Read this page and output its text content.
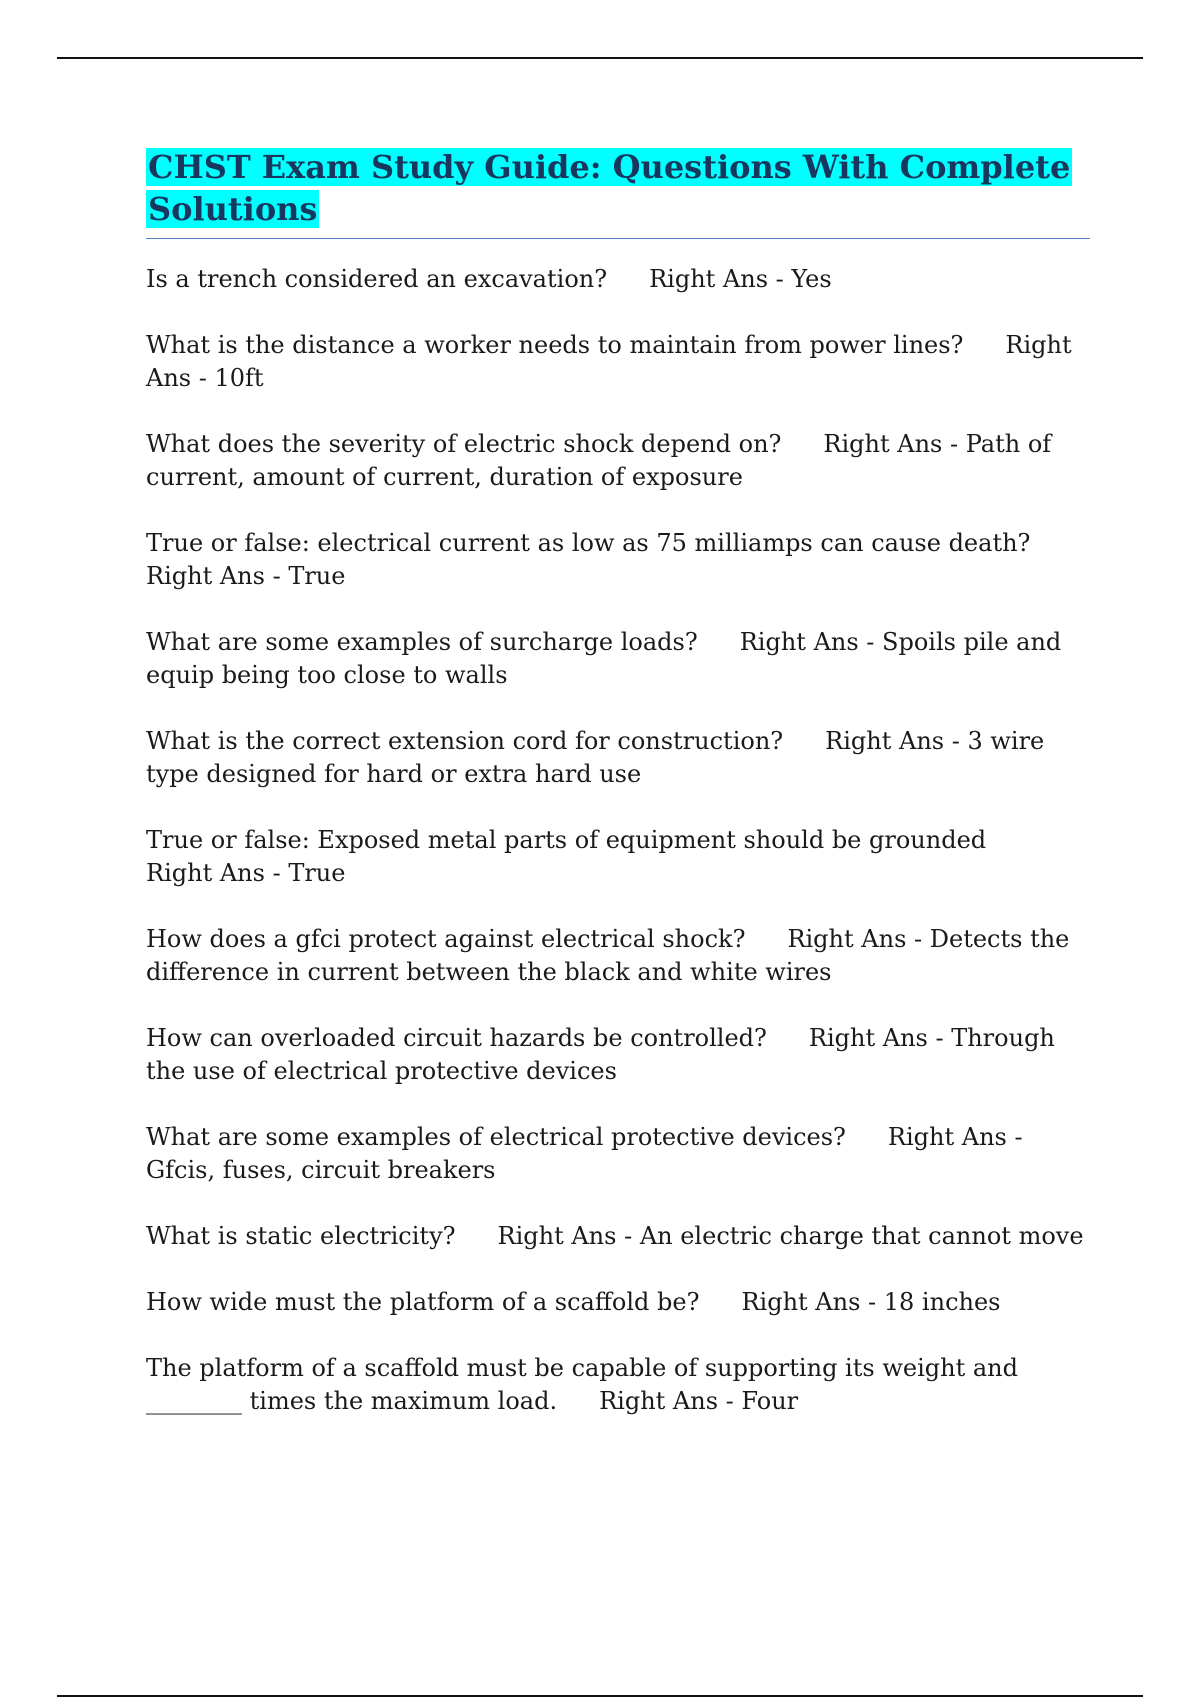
CHST Exam Study Guide: Questions With Complete Solutions

Is a trench considered an excavation? Right Ans - Yes

What is the distance a worker needs to maintain from power lines? Right Ans - 10ft

What does the severity of electric shock depend on? Right Ans - Path of current, amount of current, duration of exposure

True or false: electrical current as low as 75 milliamps can cause death?Right Ans - True

What are some examples of surcharge loads? Right Ans - Spoils pile and equip being too close to walls

What is the correct extension cord for construction? Right Ans - 3 wire type designed for hard or extra hard use

True or false: Exposed metal parts of equipment should be groundedRight Ans - True

How does a gfci protect against electrical shock? Right Ans - Detects the difference in current between the black and white wires

How can overloaded circuit hazards be controlled? Right Ans - Through the use of electrical protective devices

What are some examples of electrical protective devices? Right Ans - Gfcis, fuses, circuit breakers

What is static electricity? Right Ans - An electric charge that cannot move

How wide must the platform of a scaffold be? Right Ans - 18 inches

The platform of a scaffold must be capable of supporting its weight and ________ times the maximum load. Right Ans - Four
